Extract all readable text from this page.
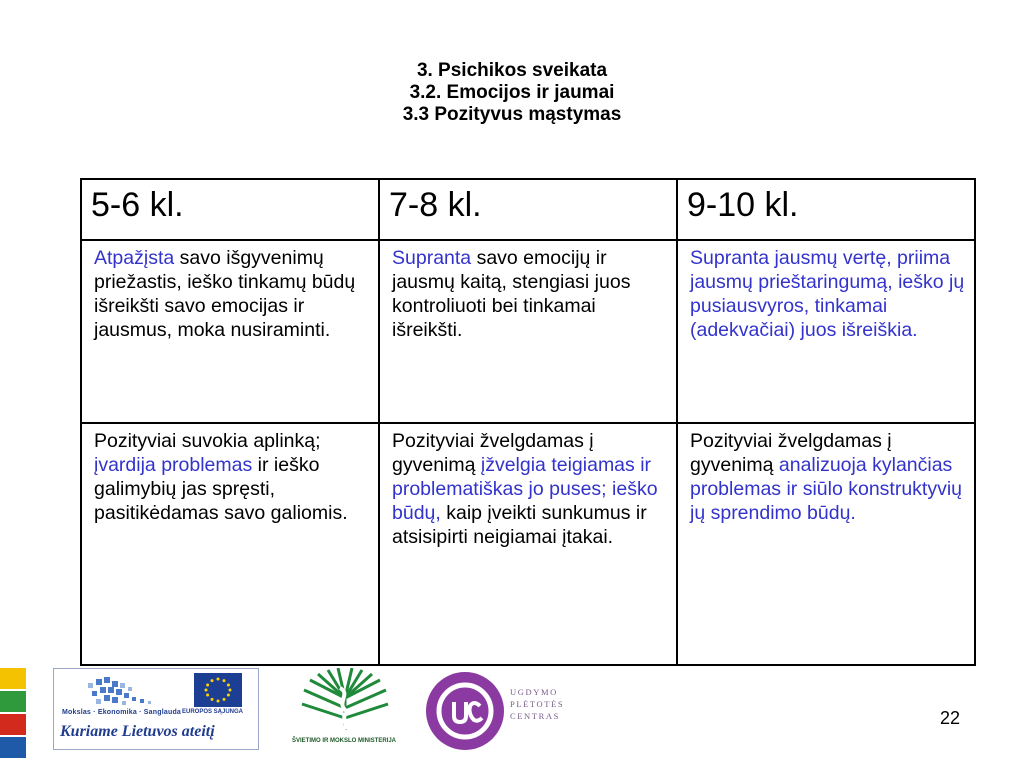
3. Psichikos sveikata
3.2. Emocijos ir jaumai
3.3 Pozityvus mąstymas
5-6 kl.	7-8 kl.	9-10 kl.
Atpažįsta savo išgyvenimų priežastis, ieško tinkamų būdų išreikšti savo emocijas ir jausmus, moka nusiraminti.	Supranta savo emocijų ir jausmų kaitą, stengiasi juos kontroliuoti bei tinkamai išreikšti.	Supranta jausmų vertę, priima jausmų prieštaringumą, ieško jų pusiausvyros, tinkamai (adekvačiai) juos išreiškia.
Pozityviai suvokia aplinką; įvardija problemas ir ieško galimybių jas spręsti, pasitikėdamas savo galiomis.	Pozityviai žvelgdamas į gyvenimą įžvelgia teigiamas ir problematiškas jo puses; ieško būdų, kaip įveikti sunkumus ir atsisipirti neigiamai įtakai.	Pozityviai žvelgdamas į gyvenimą analizuoja kylančias problemas ir siūlo konstruktyvių jų sprendimo būdų.
Mokslas · Ekonomika · Sanglauda EUROPOS SĄJUNGA
Kuriame Lietuvos ateitį
ŠVIETIMO IR MOKSLO MINISTERIJA
UGDYMO
PLĖTOTĖS
CENTRAS	22
